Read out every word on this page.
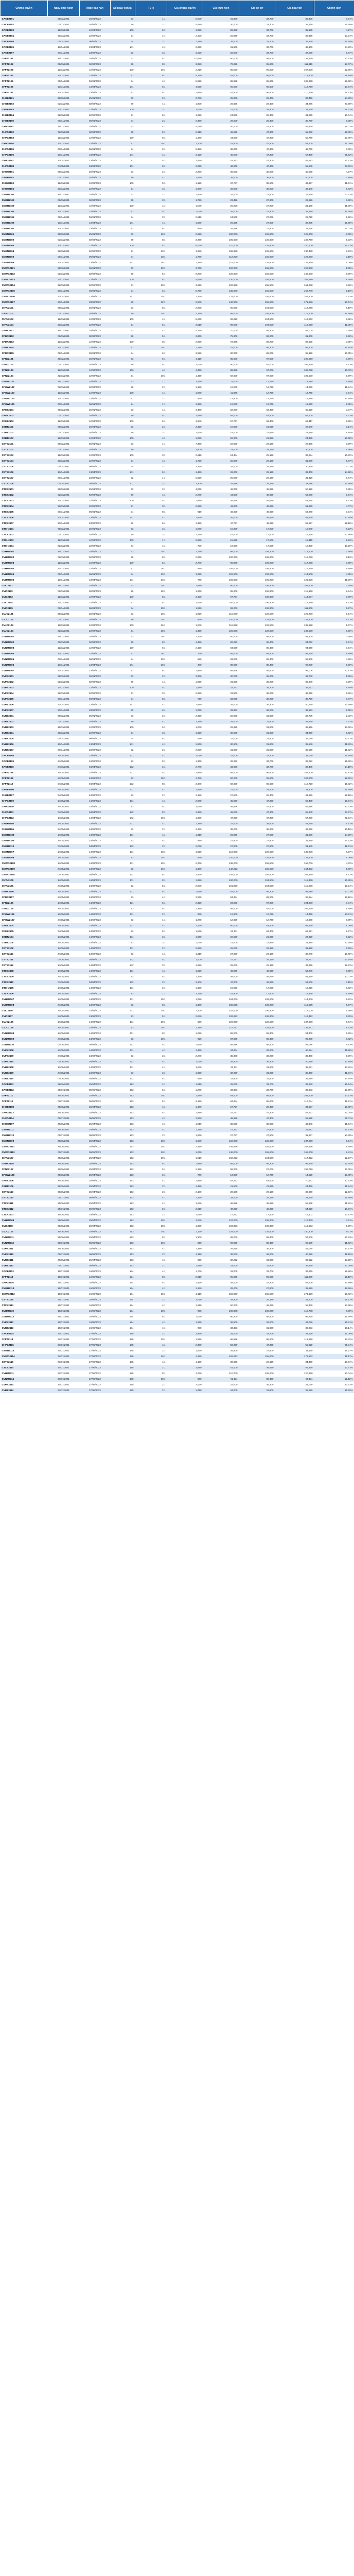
Chứng quyền	Ngày phát hành	Ngày đáo hạn	Số ngày còn lại	Tỷ lệ	Giá chứng quyền	Giá thực hiện	Giá cơ sở	Giá hòa vốn	Chênh lệch
CACB2101	25/02/2021	25/01/2022	63	1:1	5,000	31,300	33,700	36,300	7.71%
CACB2102	02/03/2021	02/03/2022	99	2:1	4,580	30,000	33,700	39,160	16.20%
CACB2103	12/03/2021	12/03/2022	109	5:1	1,250	28,888	33,700	35,138	4.27%
CACB2104	22/03/2021	22/02/2022	91	4:1	2,100	29,999	33,700	38,399	13.94%
CACB2105	06/04/2021	06/01/2022	34	2:1	1,780	34,000	33,700	37,560	11.45%
CACB2106	13/04/2021	13/04/2022	141	4:1	2,650	31,500	33,700	42,100	24.93%
CACB2107	23/04/2021	23/02/2022	92	3:1	3,020	28,000	33,700	37,060	9.97%
CFPT2101	25/02/2021	25/01/2022	63	5:1	10,850	80,000	95,600	134,250	40.43%
CFPT2102	02/03/2021	02/03/2022	99	8:1	3,990	79,999	95,600	111,919	17.07%
CFPT2103	12/03/2021	12/03/2022	109	10:1	2,210	85,500	95,600	107,600	12.55%
CFPT2104	22/03/2021	22/02/2022	91	6:1	5,150	82,000	95,600	112,900	18.10%
CFPT2105	06/04/2021	06/01/2022	34	4:1	5,020	88,888	95,600	108,968	13.98%
CFPT2106	13/04/2021	13/04/2022	141	5:1	4,550	90,000	95,600	112,750	17.94%
CFPT2107	23/04/2021	23/02/2022	92	8:1	2,880	87,500	95,600	110,540	15.63%
CHDB2101	25/02/2021	25/01/2022	63	2:1	3,730	25,000	28,400	32,460	14.30%
CHDB2102	02/03/2021	02/03/2022	99	4:1	1,900	26,666	28,400	34,266	20.65%
CHDB2103	12/03/2021	12/03/2022	109	3:1	2,040	27,000	28,400	33,120	16.62%
CHDB2104	22/03/2021	22/02/2022	91	5:1	1,290	24,800	28,400	31,250	10.04%
CHDB2105	06/04/2021	06/01/2022	34	2:1	2,390	26,000	28,400	30,780	8.38%
CHPG2101	25/02/2021	25/01/2022	63	4:1	4,080	40,000	47,300	56,320	19.07%
CHPG2102	02/03/2021	02/03/2022	99	5:1	2,610	42,222	47,300	55,272	16.85%
CHPG2103	12/03/2021	12/03/2022	109	8:1	1,470	44,000	47,300	55,760	17.89%
CHPG2104	22/03/2021	22/02/2022	91	10:1	1,100	41,500	47,300	52,500	11.00%
CHPG2105	06/04/2021	06/01/2022	34	2:1	5,380	38,000	47,300	48,760	3.09%
CHPG2106	13/04/2021	13/04/2022	141	4:1	3,120	45,000	47,300	57,480	21.52%
CHPG2107	23/04/2021	23/02/2022	92	5:1	2,450	43,333	47,300	55,583	17.51%
CHPG2108	04/05/2021	04/03/2022	101	6:1	2,090	46,000	47,300	58,540	23.76%
CKDH2101	25/02/2021	25/01/2022	63	2:1	2,280	36,000	38,900	40,560	4.27%
CKDH2102	02/03/2021	02/03/2022	99	4:1	1,450	35,000	38,900	40,800	4.88%
CKDH2103	12/03/2021	12/03/2022	109	5:1	1,120	37,777	38,900	43,377	11.51%
CKDH2104	22/03/2021	22/02/2022	91	3:1	1,880	36,500	38,900	42,140	8.33%
CMBB2101	25/02/2021	25/01/2022	63	2:1	1,920	24,000	27,900	27,840	-0.22%
CMBB2102	02/03/2021	02/03/2022	99	3:1	1,790	23,456	27,900	28,826	3.32%
CMBB2103	12/03/2021	12/03/2022	109	4:1	1,540	25,000	27,900	31,160	11.68%
CMBB2104	22/03/2021	22/02/2022	91	5:1	1,030	26,000	27,900	31,150	11.65%
CMBB2105	06/04/2021	06/01/2022	34	2:1	2,610	24,500	27,900	29,720	6.52%
CMBB2106	13/04/2021	13/04/2022	141	4:1	1,680	25,555	27,900	32,275	15.68%
CMBB2107	23/04/2021	23/02/2022	92	6:1	960	26,888	27,900	32,648	17.02%
CMSN2101	25/02/2021	25/01/2022	63	10:1	2,520	100,000	125,800	125,200	-0.48%
CMSN2102	02/03/2021	02/03/2022	99	8:1	3,470	105,000	125,800	132,760	5.53%
CMSN2103	12/03/2021	12/03/2022	109	5:1	6,020	110,000	125,800	140,100	11.37%
CMSN2104	22/03/2021	22/02/2022	91	20:1	1,080	108,888	125,800	130,488	3.73%
CMSN2105	06/04/2021	06/01/2022	34	10:1	1,780	112,000	125,800	129,800	3.18%
CMSN2106	13/04/2021	13/04/2022	141	16:1	1,390	115,000	125,800	137,240	9.09%
CMWG2101	25/02/2021	25/01/2022	63	10:1	3,760	120,000	155,500	157,600	1.35%
CMWG2102	02/03/2021	02/03/2022	99	5:1	8,200	125,000	155,500	166,000	6.75%
CMWG2103	12/03/2021	12/03/2022	109	8:1	4,810	130,000	155,500	168,480	8.35%
CMWG2104	22/03/2021	22/02/2022	91	10:1	3,220	128,888	155,500	161,088	3.59%
CMWG2105	06/04/2021	06/01/2022	34	6:1	5,790	135,000	155,500	169,740	9.16%
CMWG2106	13/04/2021	13/04/2022	141	20:1	1,760	132,000	155,500	167,200	7.52%
CMWG2107	23/04/2021	23/02/2022	92	12:1	2,640	140,000	155,500	171,680	10.41%
CNVL2101	25/02/2021	25/01/2022	63	8:1	2,870	90,000	104,500	112,960	8.10%
CNVL2102	02/03/2021	02/03/2022	99	10:1	2,150	95,000	104,500	116,500	11.48%
CNVL2103	12/03/2021	12/03/2022	109	4:1	5,260	92,222	104,500	113,262	8.38%
CNVL2104	22/03/2021	22/02/2022	91	5:1	3,610	98,000	104,500	116,050	11.05%
CPDR2101	25/02/2021	25/01/2022	63	4:1	4,750	70,000	86,200	89,000	3.25%
CPDR2102	02/03/2021	02/03/2022	99	5:1	3,360	75,000	86,200	91,800	6.50%
CPDR2103	12/03/2021	12/03/2022	109	8:1	2,090	72,888	86,200	89,608	3.95%
CPDR2104	22/03/2021	22/02/2022	91	10:1	1,780	78,000	86,200	95,800	11.14%
CPDR2105	06/04/2021	06/01/2022	34	6:1	2,520	80,000	86,200	95,120	10.35%
CPNJ2101	25/02/2021	25/01/2022	63	5:1	3,110	85,000	97,000	100,550	3.66%
CPNJ2102	02/03/2021	02/03/2022	99	8:1	2,030	90,000	97,000	106,240	9.53%
CPNJ2103	12/03/2021	12/03/2022	109	4:1	4,460	88,888	97,000	106,728	10.03%
CPNJ2104	22/03/2021	22/02/2022	91	10:1	1,450	92,000	97,000	106,500	9.79%
CPOW2101	25/02/2021	25/01/2022	63	1:1	2,410	11,000	12,750	13,410	5.18%
CPOW2102	02/03/2021	02/03/2022	99	2:1	1,130	12,000	12,750	14,260	11.84%
CPOW2103	12/03/2021	12/03/2022	109	1:1	1,870	11,888	12,750	13,758	7.91%
CPOW2104	22/03/2021	22/02/2022	91	2:1	940	12,500	12,750	14,380	12.78%
CPOW2105	06/04/2021	06/01/2022	34	1:1	1,360	12,200	12,750	13,560	6.35%
CREE2101	25/02/2021	25/01/2022	63	4:1	3,480	52,000	63,400	65,920	3.97%
CREE2102	02/03/2021	02/03/2022	99	5:1	2,480	55,000	63,400	67,400	6.31%
CREE2103	12/03/2021	12/03/2022	109	6:1	1,940	57,777	63,400	69,417	9.49%
CSBT2101	25/02/2021	25/01/2022	63	2:1	2,320	18,000	21,950	22,640	3.14%
CSBT2102	02/03/2021	02/03/2022	99	3:1	1,630	19,000	21,950	23,890	8.84%
CSBT2103	12/03/2021	12/03/2022	109	4:1	1,090	20,000	21,950	24,360	10.98%
CSTB2101	25/02/2021	25/01/2022	63	1:1	7,380	22,000	29,150	29,380	0.79%
CSTB2102	02/03/2021	02/03/2022	99	2:1	3,900	23,000	29,150	30,800	5.66%
CSTB2103	12/03/2021	12/03/2022	109	3:1	2,610	24,444	29,150	32,274	10.72%
CSTB2104	22/03/2021	22/02/2022	91	4:1	1,720	25,000	29,150	31,880	9.37%
CSTB2105	06/04/2021	06/01/2022	34	2:1	3,160	24,000	29,150	30,320	4.01%
CSTB2106	13/04/2021	13/04/2022	141	5:1	1,480	26,000	29,150	33,400	14.58%
CSTB2107	23/04/2021	23/02/2022	92	1:1	5,820	25,500	29,150	31,320	7.44%
CSTB2108	04/05/2021	04/03/2022	101	3:1	2,300	25,888	29,150	32,788	12.48%
CTCB2101	25/02/2021	25/01/2022	63	2:1	4,060	42,000	49,650	50,120	0.95%
CTCB2102	02/03/2021	02/03/2022	99	4:1	2,270	44,000	49,650	53,080	6.91%
CTCB2103	12/03/2021	12/03/2022	109	5:1	1,680	45,555	49,650	53,955	8.67%
CTCB2104	22/03/2021	22/02/2022	91	3:1	2,890	43,000	49,650	51,670	4.07%
CTCB2105	06/04/2021	06/01/2022	34	8:1	910	46,000	49,650	53,280	7.31%
CTCB2106	13/04/2021	13/04/2022	141	4:1	2,460	45,000	49,650	54,840	10.45%
CTCB2107	23/04/2021	23/02/2022	92	6:1	1,320	47,777	49,650	55,697	12.18%
CTCH2101	25/02/2021	25/01/2022	63	2:1	1,970	15,000	17,500	18,940	8.23%
CTCH2102	02/03/2021	02/03/2022	99	3:1	1,110	16,000	17,500	19,330	10.46%
CTCH2103	12/03/2021	12/03/2022	109	1:1	2,860	15,555	17,500	18,415	5.23%
CTCH2104	22/03/2021	22/02/2022	91	4:1	700	16,500	17,500	19,300	10.29%
CVHM2101	25/02/2021	25/01/2022	63	10:1	1,710	95,000	109,200	112,100	2.66%
CVHM2102	02/03/2021	02/03/2022	99	8:1	2,260	100,000	109,200	118,080	8.13%
CVHM2103	12/03/2021	12/03/2022	109	5:1	3,740	98,888	109,200	117,588	7.68%
CVHM2104	22/03/2021	22/02/2022	91	16:1	890	105,000	109,200	119,240	9.19%
CVHM2105	06/04/2021	06/01/2022	34	10:1	1,250	102,000	109,200	114,500	4.85%
CVHM2106	13/04/2021	13/04/2022	141	20:1	780	106,000	109,200	121,600	11.36%
CVIC2101	25/02/2021	25/01/2022	63	10:1	1,880	90,000	106,300	108,800	2.35%
CVIC2102	02/03/2021	02/03/2022	99	16:1	1,260	95,000	106,300	115,160	8.34%
CVIC2103	12/03/2021	12/03/2022	109	8:1	2,100	97,777	106,300	114,577	7.79%
CVIC2104	22/03/2021	22/02/2022	91	5:1	3,050	100,000	106,300	115,250	8.42%
CVIC2105	06/04/2021	06/01/2022	34	10:1	1,290	99,000	106,300	111,900	5.27%
CVJC2101	25/02/2021	25/01/2022	63	10:1	1,920	110,000	128,500	129,200	0.54%
CVJC2102	02/03/2021	02/03/2022	99	20:1	860	120,000	128,500	137,200	6.77%
CVJC2103	12/03/2021	12/03/2022	109	16:1	1,040	118,888	128,500	135,528	5.47%
CVJC2104	22/03/2021	22/02/2022	91	10:1	1,450	125,000	128,500	139,500	8.56%
CVNM2101	25/02/2021	25/01/2022	63	10:1	1,130	80,000	88,400	91,300	3.28%
CVNM2102	02/03/2021	02/03/2022	99	8:1	1,480	82,222	88,400	94,062	6.41%
CVNM2103	12/03/2021	12/03/2022	109	5:1	2,190	84,000	88,400	94,950	7.41%
CVNM2104	22/03/2021	22/02/2022	91	16:1	720	85,000	88,400	96,520	9.19%
CVNM2105	06/04/2021	06/01/2022	34	10:1	980	83,000	88,400	92,800	4.98%
CVNM2106	13/04/2021	13/04/2022	141	20:1	440	88,000	88,400	96,800	9.50%
CVNM2107	23/04/2021	23/02/2022	92	6:1	1,890	86,666	88,400	98,006	10.87%
CVPB2101	25/02/2021	25/01/2022	63	2:1	3,370	30,000	36,200	36,740	1.49%
CVPB2102	02/03/2021	02/03/2022	99	4:1	1,960	31,000	36,200	38,840	7.29%
CVPB2103	12/03/2021	12/03/2022	109	5:1	1,480	32,222	36,200	39,622	9.45%
CVPB2104	22/03/2021	22/02/2022	91	3:1	2,250	31,500	36,200	38,250	5.66%
CVPB2105	06/04/2021	06/01/2022	34	8:1	720	33,000	36,200	38,760	7.07%
CVPB2106	13/04/2021	13/04/2022	141	4:1	1,690	34,000	36,200	40,760	12.60%
CVPB2107	23/04/2021	23/02/2022	92	6:1	1,060	33,333	36,200	39,693	9.65%
CVRE2101	25/02/2021	25/01/2022	63	2:1	2,350	28,000	31,800	32,700	2.83%
CVRE2102	02/03/2021	02/03/2022	99	4:1	1,310	29,000	31,800	34,240	7.67%
CVRE2103	12/03/2021	12/03/2022	109	5:1	1,040	29,999	31,800	35,199	10.69%
CVRE2104	22/03/2021	22/02/2022	91	3:1	1,620	30,000	31,800	34,860	9.62%
CVRE2105	06/04/2021	06/01/2022	34	8:1	510	31,000	31,800	35,080	10.31%
CVRE2106	13/04/2021	13/04/2022	141	4:1	1,260	30,500	31,800	35,540	11.76%
CVRE2107	23/04/2021	23/02/2022	92	2:1	2,030	31,500	31,800	35,560	11.82%
CACB2108	14/05/2021	14/03/2022	111	4:1	2,010	31,000	33,700	39,040	15.85%
CACB2109	24/05/2021	24/02/2022	93	5:1	1,360	32,222	33,700	39,022	15.79%
CACB2110	04/06/2021	04/04/2022	132	2:1	2,740	33,000	33,700	38,480	14.18%
CFPT2108	14/05/2021	14/03/2022	111	5:1	3,980	88,000	95,600	107,900	12.87%
CFPT2109	24/05/2021	24/02/2022	93	10:1	1,780	90,000	95,600	107,800	12.76%
CFPT2110	04/06/2021	04/04/2022	132	8:1	2,340	92,000	95,600	110,720	15.82%
CHDB2106	14/05/2021	14/03/2022	111	4:1	1,550	27,000	28,400	33,200	16.90%
CHDB2107	24/05/2021	24/02/2022	93	2:1	2,180	27,500	28,400	31,860	12.18%
CHPG2109	14/05/2021	14/03/2022	111	4:1	2,870	45,000	47,300	56,480	19.41%
CHPG2110	24/05/2021	24/02/2022	93	5:1	2,050	46,666	47,300	56,916	20.33%
CHPG2111	04/06/2021	04/04/2022	132	8:1	1,330	48,000	47,300	58,640	23.97%
CHPG2112	14/06/2021	14/04/2022	142	10:1	1,090	47,000	47,300	57,900	22.41%
CKDH2105	14/05/2021	14/03/2022	111	4:1	1,390	37,000	38,900	42,560	9.41%
CKDH2106	24/05/2021	24/02/2022	93	2:1	2,430	38,000	38,900	42,860	10.18%
CMBB2108	14/05/2021	14/03/2022	111	4:1	1,310	26,666	27,900	31,906	14.36%
CMBB2109	24/05/2021	24/02/2022	93	5:1	890	27,500	27,900	31,950	14.52%
CMBB2110	04/06/2021	04/04/2022	132	2:1	2,070	27,000	27,900	31,140	11.61%
CMSN2107	14/05/2021	14/03/2022	111	10:1	1,820	118,000	125,800	136,200	8.27%
CMSN2108	24/05/2021	24/02/2022	93	20:1	860	120,000	125,800	137,200	9.06%
CMWG2108	14/05/2021	14/03/2022	111	10:1	2,470	138,000	155,500	162,700	4.63%
CMWG2109	24/05/2021	24/02/2022	93	16:1	1,380	142,222	155,500	164,302	5.66%
CMWG2110	04/06/2021	04/04/2022	132	8:1	2,920	145,000	155,500	168,360	8.27%
CNVL2105	14/05/2021	14/03/2022	111	8:1	1,920	100,000	104,500	115,360	10.39%
CNVL2106	24/05/2021	24/02/2022	93	5:1	2,840	101,000	104,500	115,200	10.24%
CPDR2106	14/05/2021	14/03/2022	111	8:1	1,610	82,000	86,200	94,880	10.07%
CPDR2107	24/05/2021	24/02/2022	93	4:1	3,060	84,444	86,200	96,684	12.16%
CPNJ2105	14/05/2021	14/03/2022	111	5:1	2,320	93,000	97,000	104,600	7.84%
CPNJ2106	24/05/2021	24/02/2022	93	8:1	1,390	95,000	97,000	106,120	9.40%
CPOW2106	14/05/2021	14/03/2022	111	2:1	830	12,800	12,750	14,460	13.41%
CPOW2107	24/05/2021	24/02/2022	93	1:1	1,270	12,600	12,750	13,870	8.78%
CREE2104	14/05/2021	14/03/2022	111	4:1	2,130	60,000	63,400	68,520	8.08%
CREE2105	24/05/2021	24/02/2022	93	5:1	1,570	61,111	63,400	68,961	8.77%
CSBT2104	14/05/2021	14/03/2022	111	2:1	1,660	20,500	21,950	23,820	8.52%
CSBT2105	24/05/2021	24/02/2022	93	3:1	1,070	21,000	21,950	24,210	10.30%
CSTB2109	14/05/2021	14/03/2022	111	2:1	2,560	26,000	29,150	31,120	6.76%
CSTB2110	24/05/2021	24/02/2022	93	4:1	1,310	27,000	29,150	32,240	10.60%
CSTB2111	04/06/2021	04/04/2022	132	5:1	1,000	27,777	29,150	32,777	12.44%
CSTB2112	14/06/2021	14/04/2022	142	3:1	1,620	28,000	29,150	32,860	12.73%
CTCB2108	14/05/2021	14/03/2022	111	4:1	1,820	46,666	49,650	53,946	8.65%
CTCB2109	24/05/2021	24/02/2022	93	5:1	1,330	48,000	49,650	54,650	10.07%
CTCB2110	04/06/2021	04/04/2022	132	2:1	3,100	47,000	49,650	53,200	7.15%
CTCH2105	14/05/2021	14/03/2022	111	2:1	1,180	16,666	17,500	19,026	8.72%
CTCH2106	24/05/2021	24/02/2022	93	1:1	2,170	16,800	17,500	18,970	8.40%
CVHM2107	14/05/2021	14/03/2022	111	10:1	1,090	104,000	109,200	114,900	5.22%
CVHM2108	24/05/2021	24/02/2022	93	8:1	1,380	105,555	109,200	116,595	6.77%
CVIC2106	14/05/2021	14/03/2022	111	10:1	1,100	101,000	106,300	112,000	5.36%
CVIC2107	24/05/2021	24/02/2022	93	5:1	2,240	102,222	106,300	113,422	6.70%
CVJC2105	14/05/2021	14/03/2022	111	20:1	550	126,000	128,500	137,000	6.61%
CVJC2106	24/05/2021	24/02/2022	93	10:1	1,180	127,777	128,500	139,577	8.62%
CVNM2108	14/05/2021	14/03/2022	111	8:1	1,050	86,000	88,400	94,400	6.79%
CVNM2109	24/05/2021	24/02/2022	93	10:1	920	87,000	88,400	96,200	8.82%
CVNM2110	04/06/2021	04/04/2022	132	5:1	1,640	88,888	88,400	97,088	9.83%
CVPB2108	14/05/2021	14/03/2022	111	4:1	1,460	34,444	36,200	40,284	11.28%
CVPB2109	24/05/2021	24/02/2022	93	2:1	2,240	35,000	36,200	39,480	9.06%
CVPB2110	04/06/2021	04/04/2022	132	5:1	1,070	35,500	36,200	40,850	12.85%
CVRE2108	14/05/2021	14/03/2022	111	4:1	1,040	31,111	31,800	35,271	10.92%
CVRE2109	24/05/2021	24/02/2022	93	2:1	1,650	32,000	31,800	35,300	11.01%
CVRE2110	04/06/2021	04/04/2022	132	5:1	810	32,500	31,800	36,550	14.94%
CACB2111	25/06/2021	25/04/2022	153	4:1	1,810	32,000	33,700	39,240	16.44%
CACB2112	05/07/2021	05/05/2022	163	5:1	1,270	33,333	33,700	39,683	17.75%
CFPT2111	25/06/2021	25/04/2022	153	10:1	1,590	93,000	95,600	108,900	13.91%
CFPT2112	05/07/2021	05/05/2022	163	5:1	3,120	94,444	95,600	110,044	15.11%
CHDB2108	25/06/2021	25/04/2022	153	4:1	1,440	27,777	28,400	33,537	18.09%
CHPG2113	25/06/2021	25/04/2022	153	5:1	1,990	47,777	47,300	57,727	22.04%
CHPG2114	05/07/2021	05/05/2022	163	4:1	2,560	48,888	47,300	59,128	25.01%
CKDH2107	25/06/2021	25/04/2022	153	4:1	1,210	38,500	38,900	43,340	11.41%
CMBB2111	25/06/2021	25/04/2022	153	4:1	1,190	27,222	27,900	31,982	14.63%
CMBB2112	05/07/2021	05/05/2022	163	2:1	1,930	27,777	27,900	31,637	13.39%
CMSN2109	25/06/2021	25/04/2022	153	10:1	1,580	122,000	125,800	137,800	9.54%
CMWG2111	25/06/2021	25/04/2022	153	10:1	2,190	146,666	155,500	168,566	8.40%
CMWG2112	05/07/2021	05/05/2022	163	20:1	1,060	148,000	155,500	169,200	8.81%
CNVL2107	25/06/2021	25/04/2022	153	10:1	1,510	102,222	104,500	117,322	12.27%
CPDR2108	25/06/2021	25/04/2022	153	8:1	1,480	85,000	86,200	96,840	12.34%
CPNJ2107	25/06/2021	25/04/2022	153	5:1	2,150	96,000	97,000	106,750	10.05%
CPOW2108	25/06/2021	25/04/2022	153	2:1	760	13,000	12,750	14,520	13.88%
CREE2106	25/06/2021	25/04/2022	153	4:1	1,980	62,222	63,400	70,142	10.63%
CSBT2106	25/06/2021	25/04/2022	153	2:1	1,480	21,500	21,950	24,460	11.44%
CSTB2113	25/06/2021	25/04/2022	153	2:1	2,180	28,500	29,150	32,860	12.73%
CSTB2114	05/07/2021	05/05/2022	163	4:1	1,160	29,000	29,150	33,640	15.40%
CTCB2111	25/06/2021	25/04/2022	153	4:1	1,670	48,888	49,650	55,568	11.92%
CTCB2112	05/07/2021	05/05/2022	163	2:1	2,810	49,000	49,650	54,620	10.01%
CTCH2107	25/06/2021	25/04/2022	153	2:1	1,090	17,222	17,500	19,402	10.87%
CVHM2109	25/06/2021	25/04/2022	153	10:1	1,040	107,000	109,200	117,400	7.51%
CVIC2108	25/06/2021	25/04/2022	153	10:1	1,030	103,333	106,300	113,633	6.90%
CVJC2107	25/06/2021	25/04/2022	153	10:1	1,120	129,000	128,500	140,200	9.11%
CVNM2111	25/06/2021	25/04/2022	153	8:1	1,100	89,000	88,400	97,800	10.63%
CVNM2112	05/07/2021	05/05/2022	163	10:1	850	90,000	88,400	98,500	11.43%
CVPB2111	25/06/2021	25/04/2022	153	4:1	1,380	35,555	36,200	41,075	13.47%
CVPB2112	05/07/2021	05/05/2022	163	2:1	2,110	36,000	36,200	40,220	11.10%
CVRE2111	25/06/2021	25/04/2022	153	4:1	950	32,222	31,800	36,022	13.28%
CVRE2112	05/07/2021	05/05/2022	163	2:1	1,480	33,000	31,800	35,960	13.08%
CACB2113	16/07/2021	16/05/2022	174	4:1	1,740	33,000	33,700	39,960	18.58%
CFPT2113	16/07/2021	16/05/2022	174	8:1	2,010	95,000	95,600	111,080	16.19%
CHPG2115	16/07/2021	16/05/2022	174	5:1	1,920	49,000	47,300	58,600	23.89%
CMBB2113	16/07/2021	16/05/2022	174	4:1	1,130	28,000	27,900	32,520	16.56%
CMWG2113	16/07/2021	16/05/2022	174	10:1	2,110	150,000	155,500	171,100	10.03%
CSTB2115	16/07/2021	16/05/2022	174	2:1	2,050	29,500	29,150	33,600	15.27%
CTCB2113	16/07/2021	16/05/2022	174	4:1	1,610	50,000	49,650	56,440	13.68%
CVHM2110	16/07/2021	16/05/2022	174	10:1	990	108,888	109,200	118,788	8.78%
CVNM2113	16/07/2021	16/05/2022	174	8:1	1,040	90,500	88,400	98,820	11.79%
CVPB2113	16/07/2021	16/05/2022	174	4:1	1,320	36,500	36,200	41,780	15.41%
CVRE2113	16/07/2021	16/05/2022	174	4:1	900	33,333	31,800	36,933	16.14%
CACB2114	27/07/2021	27/05/2022	185	2:1	2,560	34,000	33,700	39,120	16.08%
CFPT2114	27/07/2021	27/05/2022	185	10:1	1,550	96,666	95,600	112,166	17.33%
CHPG2116	27/07/2021	27/05/2022	185	4:1	2,380	50,000	47,300	59,520	25.84%
CMBB2114	27/07/2021	27/05/2022	185	2:1	1,830	28,500	27,900	32,160	15.27%
CMWG2114	27/07/2021	27/05/2022	185	16:1	1,290	152,222	155,500	172,862	11.17%
CSTB2116	27/07/2021	27/05/2022	185	4:1	1,100	30,000	29,150	34,400	18.01%
CTCB2114	27/07/2021	27/05/2022	185	2:1	2,680	51,000	49,650	56,360	13.51%
CVHM2111	27/07/2021	27/05/2022	185	8:1	1,270	110,000	109,200	120,160	10.04%
CVNM2114	27/07/2021	27/05/2022	185	10:1	800	91,111	88,400	99,111	12.12%
CVPB2114	27/07/2021	27/05/2022	185	2:1	2,020	37,000	36,200	41,040	13.37%
CVRE2114	27/07/2021	27/05/2022	185	2:1	1,410	34,000	31,800	36,820	15.79%
